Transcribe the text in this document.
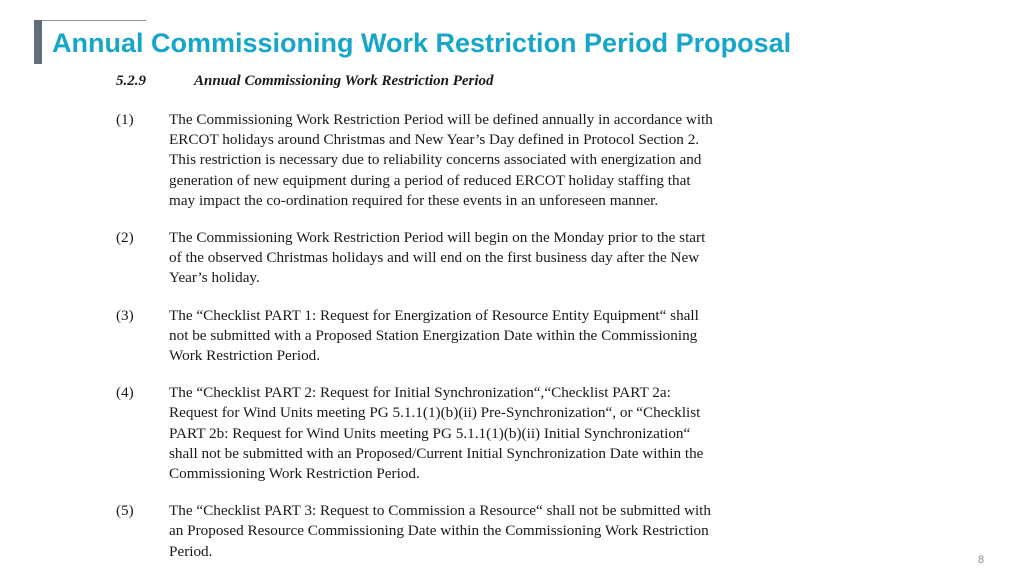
Annual Commissioning Work Restriction Period Proposal
5.2.9	Annual Commissioning Work Restriction Period
(1)	The Commissioning Work Restriction Period will be defined annually in accordance with
ERCOT holidays around Christmas and New Year’s Day defined in Protocol Section 2.
This restriction is necessary due to reliability concerns associated with energization and
generation of new equipment during a period of reduced ERCOT holiday staffing that
may impact the co-ordination required for these events in an unforeseen manner.
(2)	The Commissioning Work Restriction Period will begin on the Monday prior to the start
of the observed Christmas holidays and will end on the first business day after the New
Year’s holiday.
(3)	The “Checklist PART 1: Request for Energization of Resource Entity Equipment“ shall
not be submitted with a Proposed Station Energization Date within the Commissioning
Work Restriction Period.
(4)	The “Checklist PART 2: Request for Initial Synchronization“,“Checklist PART 2a:
Request for Wind Units meeting PG 5.1.1(1)(b)(ii) Pre-Synchronization“, or “Checklist
PART 2b: Request for Wind Units meeting PG 5.1.1(1)(b)(ii) Initial Synchronization“
shall not be submitted with an Proposed/Current Initial Synchronization Date within the
Commissioning Work Restriction Period.
(5)	The “Checklist PART 3: Request to Commission a Resource“ shall not be submitted with
an Proposed Resource Commissioning Date within the Commissioning Work Restriction
Period.
8
